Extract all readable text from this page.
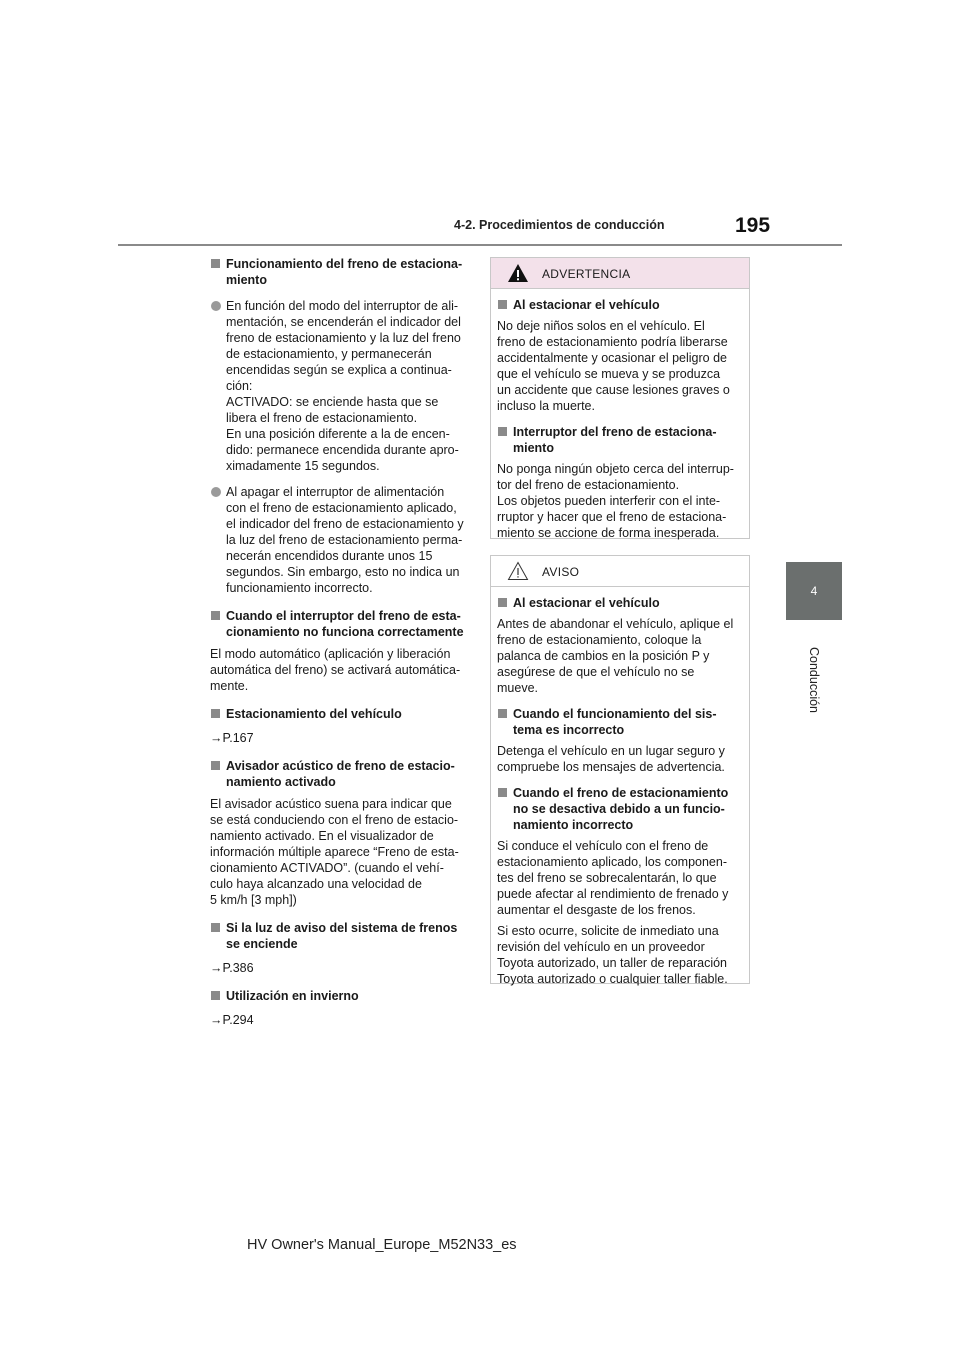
4-2. Procedimientos de conducción	195
4
Conducción
Funcionamiento del freno de estaciona-
miento
En función del modo del interruptor de ali-
mentación, se encenderán el indicador del
freno de estacionamiento y la luz del freno
de estacionamiento, y permanecerán
encendidas según se explica a continua-
ción:
ACTIVADO: se enciende hasta que se
libera el freno de estacionamiento.
En una posición diferente a la de encen-
dido: permanece encendida durante apro-
ximadamente 15 segundos.
Al apagar el interruptor de alimentación
con el freno de estacionamiento aplicado,
el indicador del freno de estacionamiento y
la luz del freno de estacionamiento perma-
necerán encendidos durante unos 15
segundos. Sin embargo, esto no indica un
funcionamiento incorrecto.
Cuando el interruptor del freno de esta-
cionamiento no funciona correctamente
El modo automático (aplicación y liberación
automática del freno) se activará automática-
mente.
Estacionamiento del vehículo
→P.167
Avisador acústico de freno de estacio-
namiento activado
El avisador acústico suena para indicar que
se está conduciendo con el freno de estacio-
namiento activado. En el visualizador de
información múltiple aparece “Freno de esta-
cionamiento ACTIVADO”. (cuando el vehí-
culo haya alcanzado una velocidad de
5 km/h [3 mph])
Si la luz de aviso del sistema de frenos
se enciende
→P.386
Utilización en invierno
→P.294
ADVERTENCIA
Al estacionar el vehículo
No deje niños solos en el vehículo. El
freno de estacionamiento podría liberarse
accidentalmente y ocasionar el peligro de
que el vehículo se mueva y se produzca
un accidente que cause lesiones graves o
incluso la muerte.
Interruptor del freno de estaciona-
miento
No ponga ningún objeto cerca del interrup-
tor del freno de estacionamiento.
Los objetos pueden interferir con el inte-
rruptor y hacer que el freno de estaciona-
miento se accione de forma inesperada.
AVISO
Al estacionar el vehículo
Antes de abandonar el vehículo, aplique el
freno de estacionamiento, coloque la
palanca de cambios en la posición P y
asegúrese de que el vehículo no se
mueve.
Cuando el funcionamiento del sis-
tema es incorrecto
Detenga el vehículo en un lugar seguro y
compruebe los mensajes de advertencia.
Cuando el freno de estacionamiento
no se desactiva debido a un funcio-
namiento incorrecto
Si conduce el vehículo con el freno de
estacionamiento aplicado, los componen-
tes del freno se sobrecalentarán, lo que
puede afectar al rendimiento de frenado y
aumentar el desgaste de los frenos.
Si esto ocurre, solicite de inmediato una
revisión del vehículo en un proveedor
Toyota autorizado, un taller de reparación
Toyota autorizado o cualquier taller fiable.
HV Owner's Manual_Europe_M52N33_es
